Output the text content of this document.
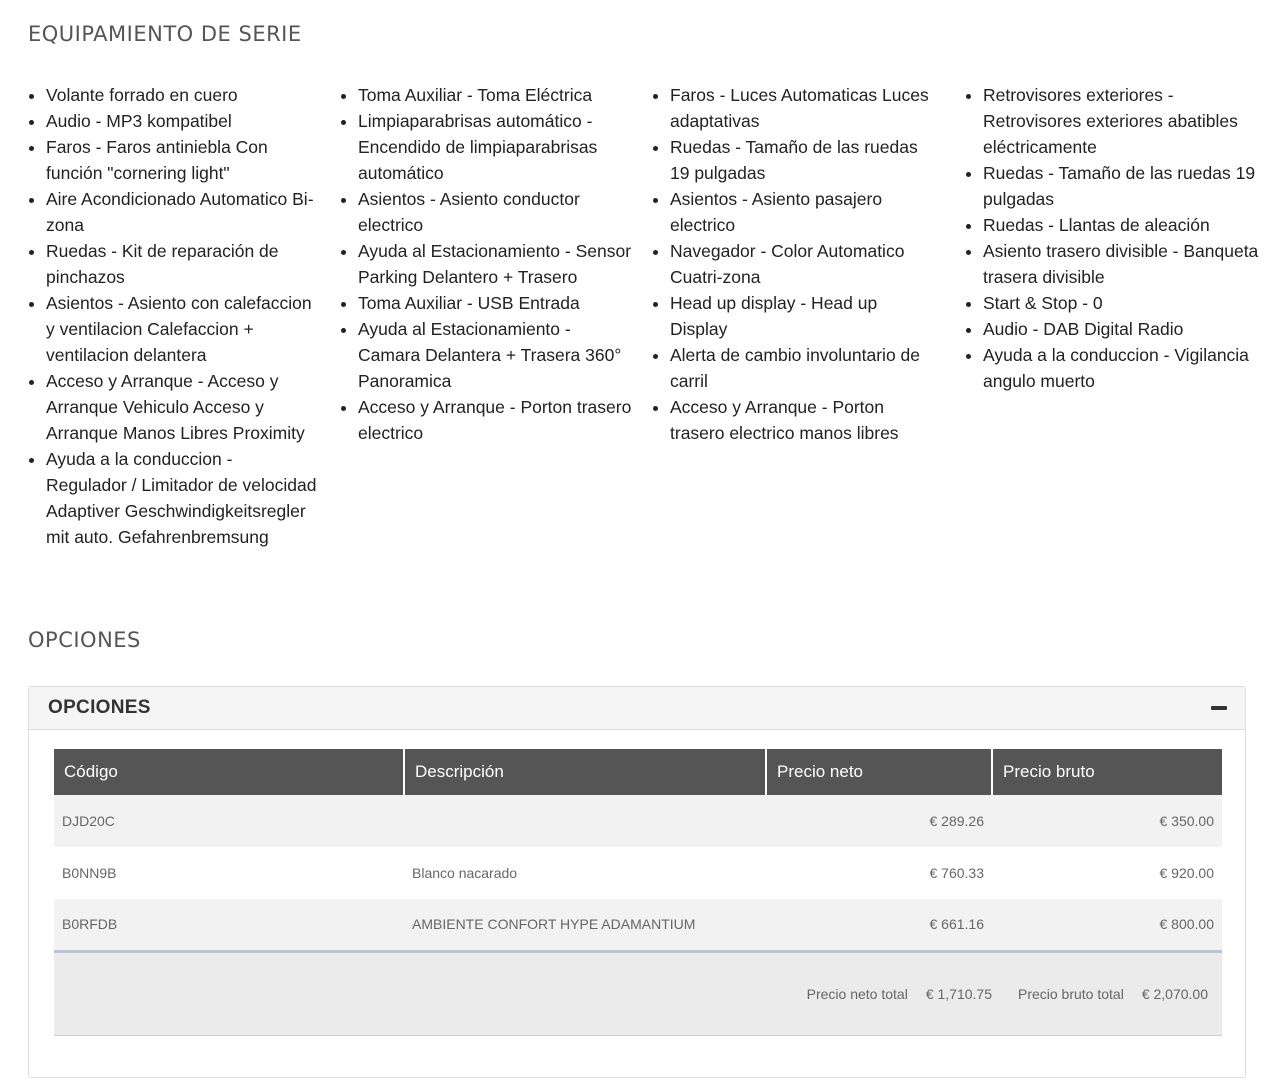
EQUIPAMIENTO DE SERIE
• Volante forrado en cuero
• Audio - MP3 kompatibel
• Faros - Faros antiniebla Con función "cornering light"
• Aire Acondicionado Automatico Bi-zona
• Ruedas - Kit de reparación de pinchazos
• Asientos - Asiento con calefaccion y ventilacion Calefaccion + ventilacion delantera
• Acceso y Arranque - Acceso y Arranque Vehiculo Acceso y Arranque Manos Libres Proximity
• Ayuda a la conduccion - Regulador / Limitador de velocidad Adaptiver Geschwindigkeitsregler mit auto. Gefahrenbremsung
• Toma Auxiliar - Toma Eléctrica
• Limpiaparabrisas automático - Encendido de limpiaparabrisas automático
• Asientos - Asiento conductor electrico
• Ayuda al Estacionamiento - Sensor Parking Delantero + Trasero
• Toma Auxiliar - USB Entrada
• Ayuda al Estacionamiento - Camara Delantera + Trasera 360° Panoramica
• Acceso y Arranque - Porton trasero electrico
• Faros - Luces Automaticas Luces adaptativas
• Ruedas - Tamaño de las ruedas 19 pulgadas
• Asientos - Asiento pasajero electrico
• Navegador - Color Automatico Cuatri-zona
• Head up display - Head up Display
• Alerta de cambio involuntario de carril
• Acceso y Arranque - Porton trasero electrico manos libres
• Retrovisores exteriores - Retrovisores exteriores abatibles eléctricamente
• Ruedas - Tamaño de las ruedas 19 pulgadas
• Ruedas - Llantas de aleación
• Asiento trasero divisible - Banqueta trasera divisible
• Start & Stop - 0
• Audio - DAB Digital Radio
• Ayuda a la conduccion - Vigilancia angulo muerto
OPCIONES
OPCIONES
Código	Descripción	Precio neto	Precio bruto
DJD20C		€ 289.26	€ 350.00
B0NN9B	Blanco nacarado	€ 760.33	€ 920.00
B0RFDB	AMBIENTE CONFORT HYPE ADAMANTIUM	€ 661.16	€ 800.00
Precio neto total € 1,710.75 Precio bruto total € 2,070.00			
